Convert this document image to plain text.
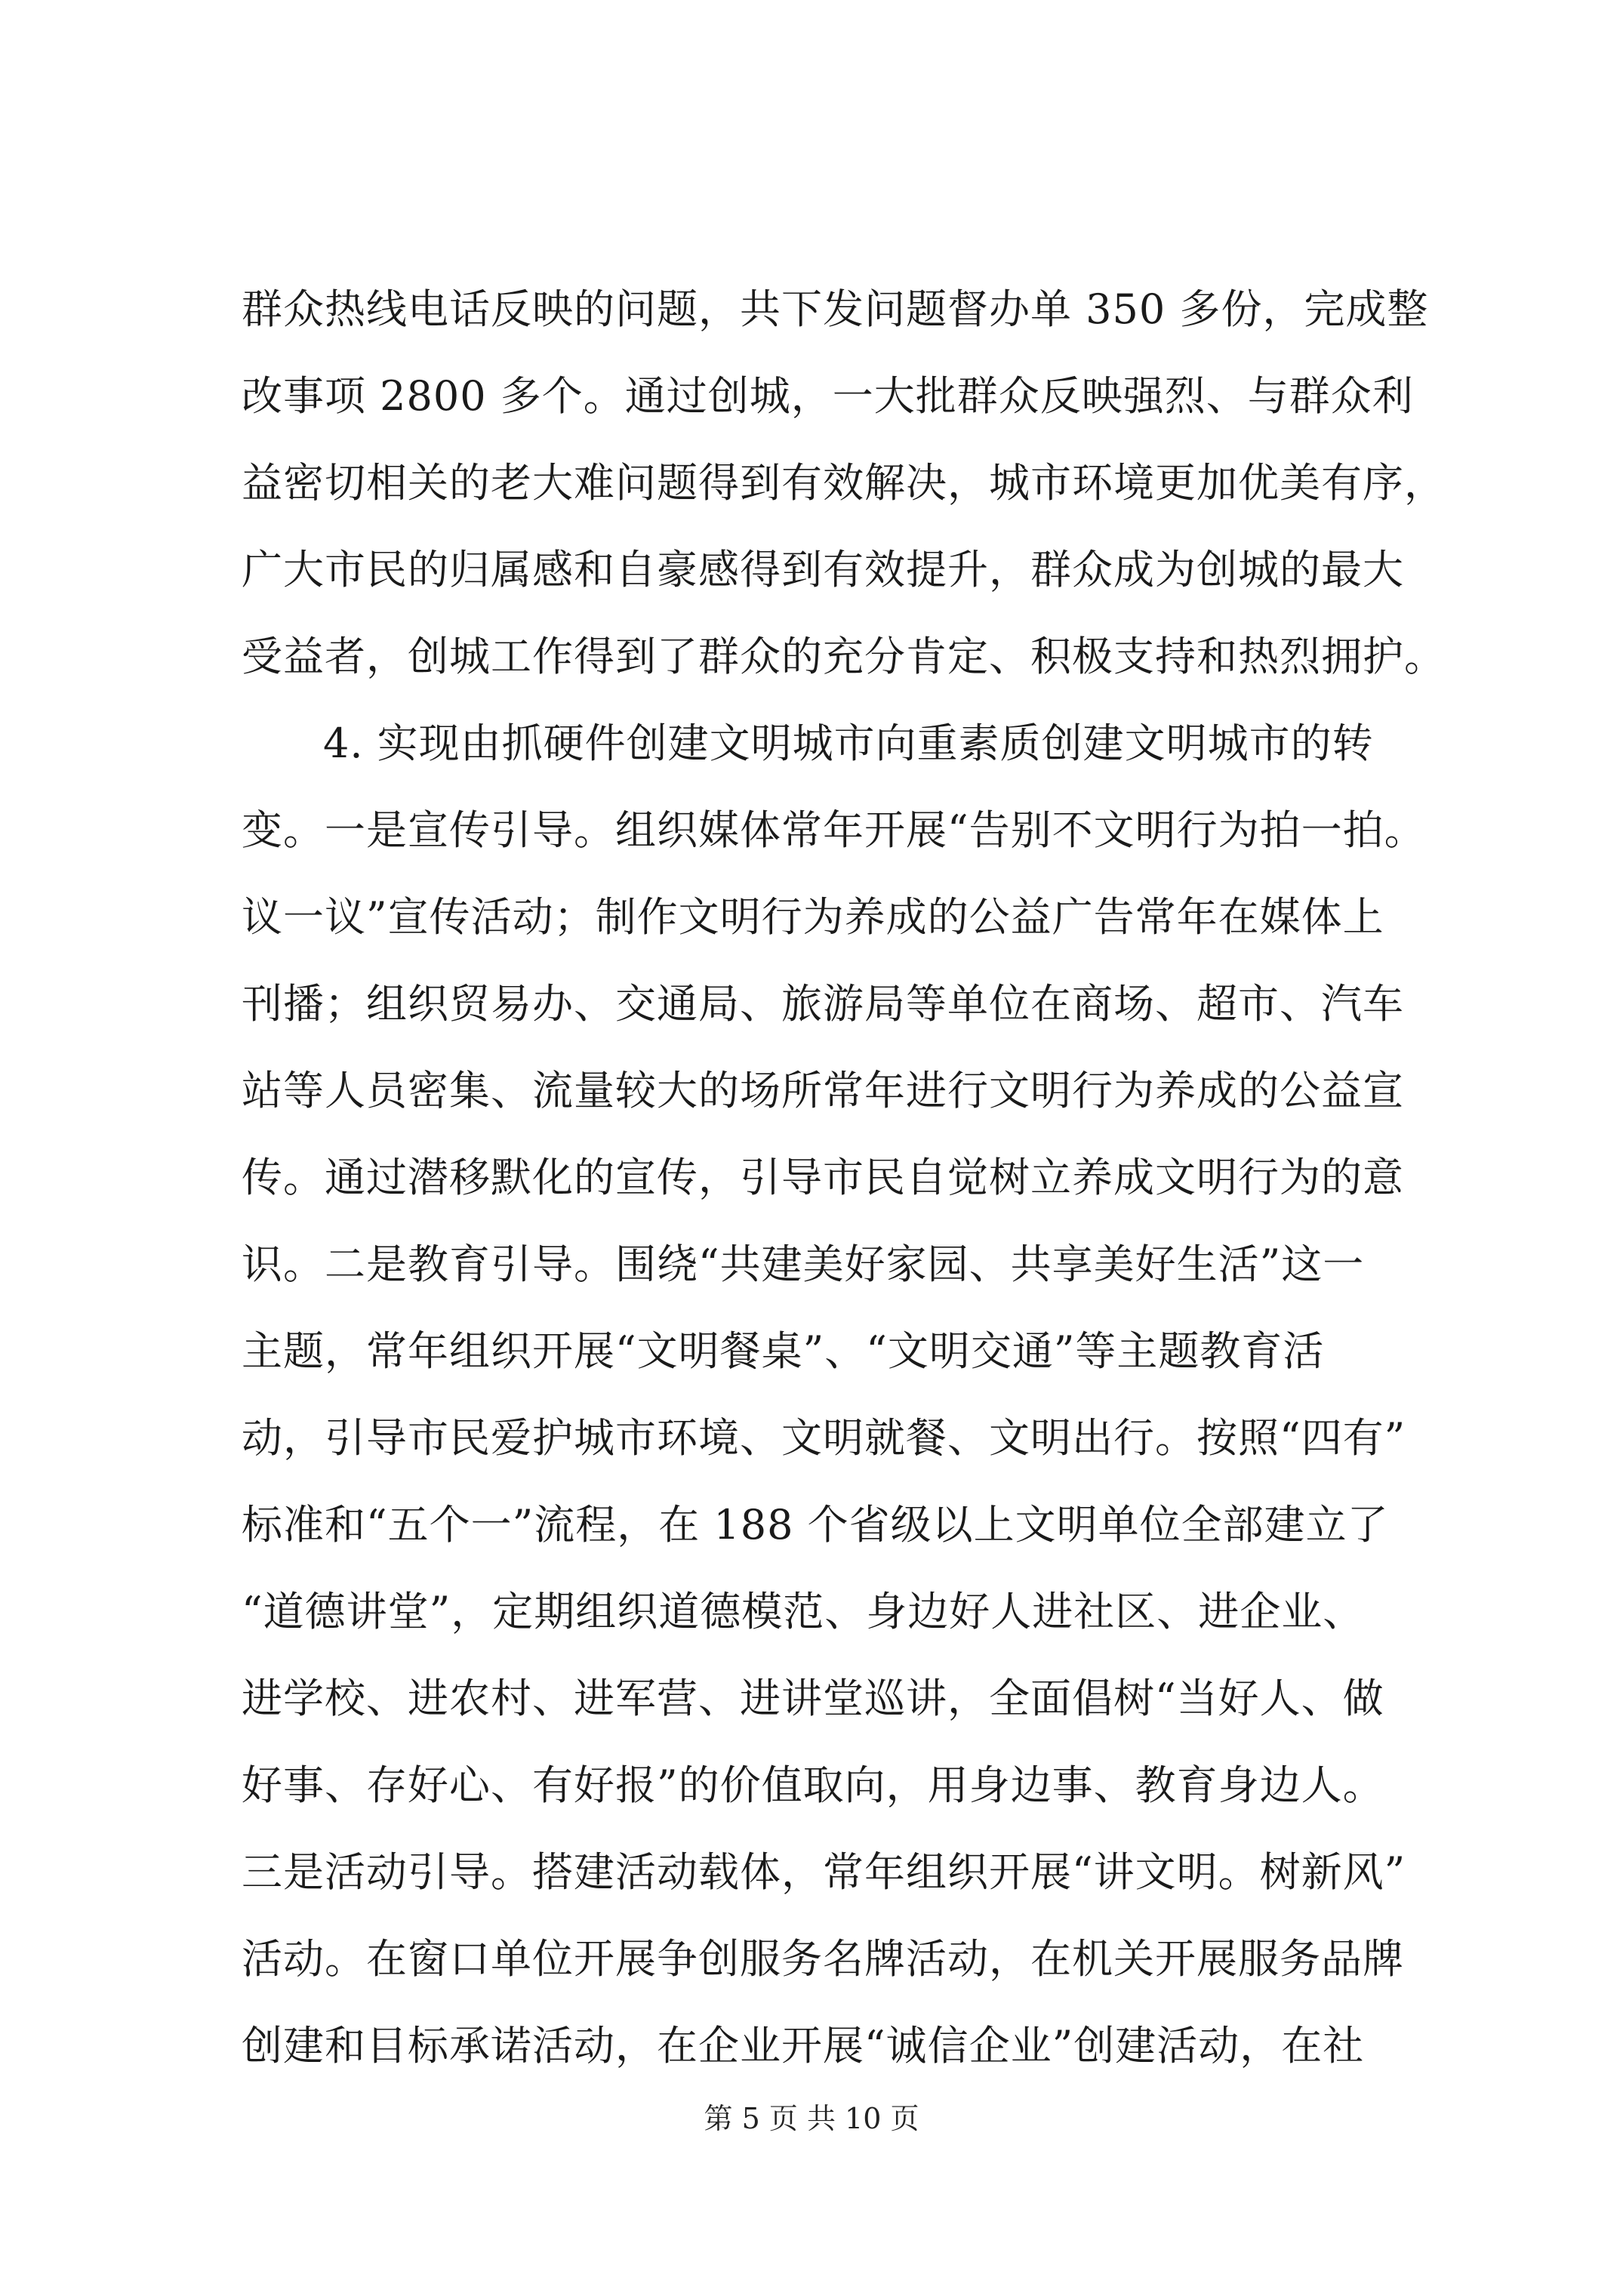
群众热线电话反映的问题，共下发问题督办单 350 多份，完成整
改事项 2800 多个。通过创城，一大批群众反映强烈、与群众利
益密切相关的老大难问题得到有效解决，城市环境更加优美有序，
广大市民的归属感和自豪感得到有效提升，群众成为创城的最大
受益者，创城工作得到了群众的充分肯定、积极支持和热烈拥护。
4. 实现由抓硬件创建文明城市向重素质创建文明城市的转
变。一是宣传引导。组织媒体常年开展“告别不文明行为拍一拍。
议一议”宣传活动；制作文明行为养成的公益广告常年在媒体上
刊播；组织贸易办、交通局、旅游局等单位在商场、超市、汽车
站等人员密集、流量较大的场所常年进行文明行为养成的公益宣
传。通过潜移默化的宣传，引导市民自觉树立养成文明行为的意
识。二是教育引导。围绕“共建美好家园、共享美好生活”这一
主题，常年组织开展“文明餐桌”、“文明交通”等主题教育活
动，引导市民爱护城市环境、文明就餐、文明出行。按照“四有”
标准和“五个一”流程，在 188 个省级以上文明单位全部建立了
“道德讲堂”，定期组织道德模范、身边好人进社区、进企业、
进学校、进农村、进军营、进讲堂巡讲，全面倡树“当好人、做
好事、存好心、有好报”的价值取向，用身边事、教育身边人。
三是活动引导。搭建活动载体，常年组织开展“讲文明。树新风”
活动。在窗口单位开展争创服务名牌活动，在机关开展服务品牌
创建和目标承诺活动，在企业开展“诚信企业”创建活动，在社
第 5 页 共 10 页
